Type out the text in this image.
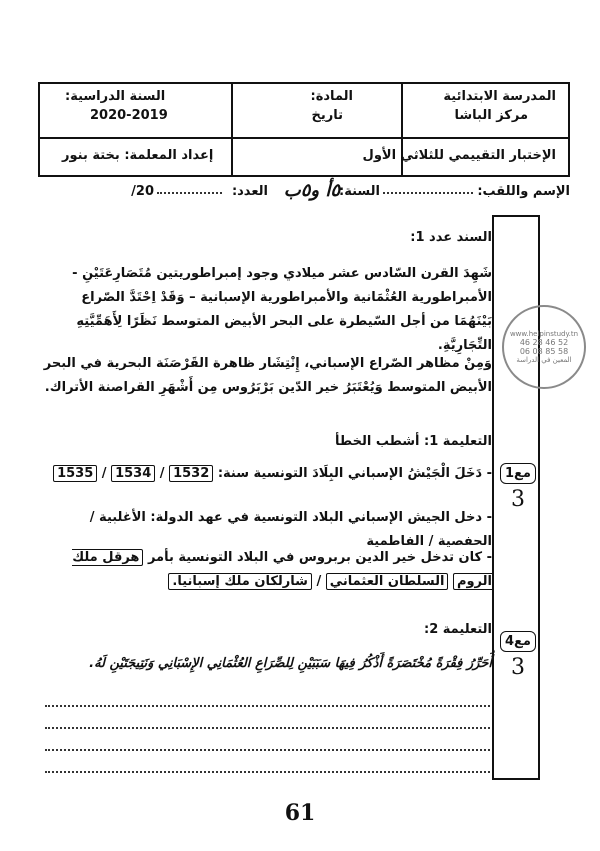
المدرسة الابتدائية
مركز الباشا
المادة:
تاريخ
السنة الدراسية:
2020-2019
الإختبار التقييمي للثلاثي الأول
إعداد المعلمة: بختة بنور
الإسم واللقب:
السنة:
٥أ و٥ب
العدد:
20/
www.helpinstudy.tn
52 46 28 46
58 85 08 06
المعين في الدراسة
السند عدد 1:
شَهِدَ القرن السّادس عشر ميلادي وجود إمبراطوريتين مُتَصَارِعَتَيْنِ - الأمبراطورية العُثْمَانية والأمبراطورية الإسبانية – وَقَدْ اِحْتَدَّ الصّراع بَيْنَهُمَا من أجل السّيطرة على البحر الأبيض المتوسط نَظَرًا لِأَهَمِّيَّتِهِ التِّجَارِيَّةِ.
وَمِنْ مظاهر الصّراع الإسباني، إِنْتِشَار ظاهرة القَرْصَنَة البحرية في البحر الأبيض المتوسط وَيُعْتَبَرُ خير الدّين بَرْبَرُوس مِن أَشْهَرِ القراصنة الأتراك.
التعليمة 1: أشطب الخطأ
- دَخَلَ الْجَيْشُ الإسباني البِلَادَ التونسية سنة: 1532 / 1534 / 1535
- دخل الجيش الإسباني البلاد التونسية في عهد الدولة: الأغلبية / الحفصية / الفاطمية
- كان تدخل خير الدين بربروس في البلاد التونسية بأمر هرقل ملك الروم السلطان العثماني / شارلكان ملك إسبانيا.
مع1
3
التعليمة 2:
أُحَرِّرُ فِقْرَةً مُخْتَصَرَةً أَذْكُرُ فِيهَا سَبَبَيْنِ لِلصِّرَاعِ العُثْمَانِي الإِسْبَانِي وَنَتِيجَتَيْنِ لَهُ.
مع4
3
61
